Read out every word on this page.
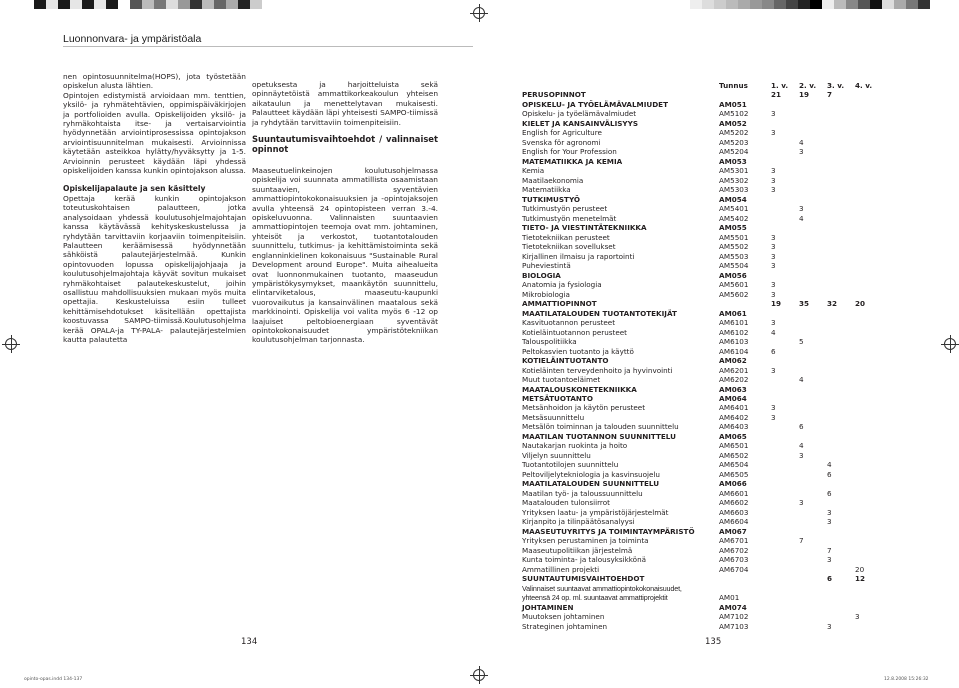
Luonnonvara- ja ympäristöala

nen opintosuunnitelma(HOPS), jota työstetään opiskelun alusta lähtien.

Opintojen edistymistä arvioidaan mm. tenttien, yksilö- ja ryhmätehtävien, oppimispäiväkirjojen ja portfolioiden avulla. Opiskelijoiden yksilö- ja ryhmäkohtaista itse- ja vertaisarviointia hyödynnetään arviointiprosessissa opintojakson arviointisuunnitelman mukaisesti. Arvioinnissa käytetään asteikkoa hylätty/hyväksytty ja 1-5. Arvioinnin perusteet käydään läpi yhdessä opiskelijoiden kanssa kunkin opintojakson alussa.

Opiskelijapalaute ja sen käsittely

Opettaja kerää kunkin opintojakson toteutuskohtaisen palautteen, jotka analysoidaan yhdessä koulutusohjelmajohtajan kanssa käytävässä kehityskeskustelussa ja ryhdytään tarvittaviin korjaaviin toimenpiteisiin. Palautteen keräämisessä hyödynnetään sähköistä palautejärjestelmää. Kunkin opintovuoden lopussa opiskelijajohjaaja ja koulutusohjelmajohtaja käyvät sovitun mukaiset ryhmäkohtaiset palautekeskustelut, joihin osallistuu mahdollisuuksien mukaan myös muita opettajia. Keskusteluissa esiin tulleet kehittämisehdotukset käsitellään opettajista koostuvassa SAMPO-tiimissä.Koulutusohjelma kerää OPALA-ja TY-PALA- palautejärjestelmien kautta palautetta

opetuksesta ja harjoitteluista sekä opinnäytetöistä ammattikorkeakoulun yhteisen aikataulun ja menettelytavan mukaisesti. Palautteet käydään läpi yhteisesti SAMPO-tiimissä ja ryhdytään tarvittaviin toimenpiteisiin.

Suuntautumisvaihtoehdot / valinnaiset opinnot

Maaseutuelinkeinojen koulutusohjelmassa opiskelija voi suunnata ammatillista osaamistaan suuntaavien, syventävien ammattiopintokokonaisuuksien ja -opintojaksojen avulla yhteensä 24 opintopisteen verran 3.-4. opiskeluvuonna. Valinnaisten suuntaavien ammattiopintojen teemoja ovat mm. johtaminen, yhteisöt ja verkostot, tuotantotalouden suunnittelu, tutkimus- ja kehittämistoiminta sekä englanninkielinen kokonaisuus "Sustainable Rural Development around Europe". Muita aihealueita ovat luonnonmukainen tuotanto, maaseudun ympäristökysymykset, maankäytön suunnittelu, elintarviketalous, maaseutu-kaupunki vuorovaikutus ja kansainvälinen maatalous sekä markkinointi. Opiskelija voi valita myös 6 -12 op laajuiset peltobioenergiaan syventävät opintokokonaisuudet ympäristötekniikan koulutusohjelman tarjonnasta.

	Tunnus	1. v.	2. v.	3. v.	4. v.
PERUSOPINNOT		21	19	7	
OPISKELU- JA TYÖELÄMÄVALMIUDET	AM051				
Opiskelu- ja työelämävalmiudet	AM5102	3			
KIELET JA KANSAINVÄLISYYS	AM052				
English for Agriculture	AM5202	3			
Svenska för agronomi	AM5203		4		
English for Your Profession	AM5204		3		
MATEMATIIKKA JA KEMIA	AM053				
Kemia	AM5301	3			
Maatilaekonomia	AM5302	3			
Matematiikka	AM5303	3			
TUTKIMUSTYÖ	AM054				
Tutkimustyön perusteet	AM5401		3		
Tutkimustyön menetelmät	AM5402		4		
TIETO- JA VIESTINTÄTEKNIIKKA	AM055				
Tietotekniikan perusteet	AM5501	3			
Tietotekniikan sovellukset	AM5502	3			
Kirjallinen ilmaisu ja raportointi	AM5503	3			
Puheviestintä	AM5504	3			
BIOLOGIA	AM056				
Anatomia ja fysiologia	AM5601	3			
Mikrobiologia	AM5602	3			
AMMATTIOPINNOT		19	35	32	20
MAATILATALOUDEN TUOTANTOTEKIJÄT	AM061				
Kasvituotannon perusteet	AM6101	3			
Kotieläintuotannon perusteet	AM6102	4			
Talouspolitiikka	AM6103		5		
Peltokasvien tuotanto ja käyttö	AM6104	6			
KOTIELÄINTUOTANTO	AM062				
Kotieläinten terveydenhoito ja hyvinvointi	AM6201	3			
Muut tuotantoeläimet	AM6202		4		
MAATALOUSKONETEKNIIKKA	AM063				
METSÄTUOTANTO	AM064				
Metsänhoidon ja käytön perusteet	AM6401	3			
Metsäsuunnittelu	AM6402	3			
Metsälön toiminnan ja talouden suunnittelu	AM6403		6		
MAATILAN TUOTANNON SUUNNITTELU	AM065				
Nautakarjan ruokinta ja hoito	AM6501		4		
Viljelyn suunnittelu	AM6502		3		
Tuotantotilojen suunnittelu	AM6504			4	
Peltoviljelytekniologia ja kasvinsuojelu	AM6505			6	
MAATILATALOUDEN SUUNNITTELU	AM066				
Maatilan työ- ja taloussuunnittelu	AM6601			6	
Maatalouden tulonsiirrot	AM6602		3		
Yrityksen laatu- ja ympäristöjärjestelmät	AM6603			3	
Kirjanpito ja tilinpäätösanalyysi	AM6604			3	
MAASEUTUYRITYS JA TOIMINTAYMPÄRISTÖ	AM067				
Yrityksen perustaminen ja toiminta	AM6701		7		
Maaseutupolitiikan järjestelmä	AM6702			7	
Kunta toiminta- ja talousyksikkönä	AM6703			3	
Ammatillinen projekti	AM6704				20
SUUNTAUTUMISVAIHTOEHDOT				6	12
Valinnaiset suuntaavat ammattiopintokokonaisuudet,					
yhteensä 24 op. ml. suuntaavat ammattiprojektit	AM01				
JOHTAMINEN	AM074				
Muutoksen johtaminen	AM7102				3
Strateginen johtaminen	AM7103			3	
134	135
opinto-opas.indd 134-137	12.8.2008 15:26:32
